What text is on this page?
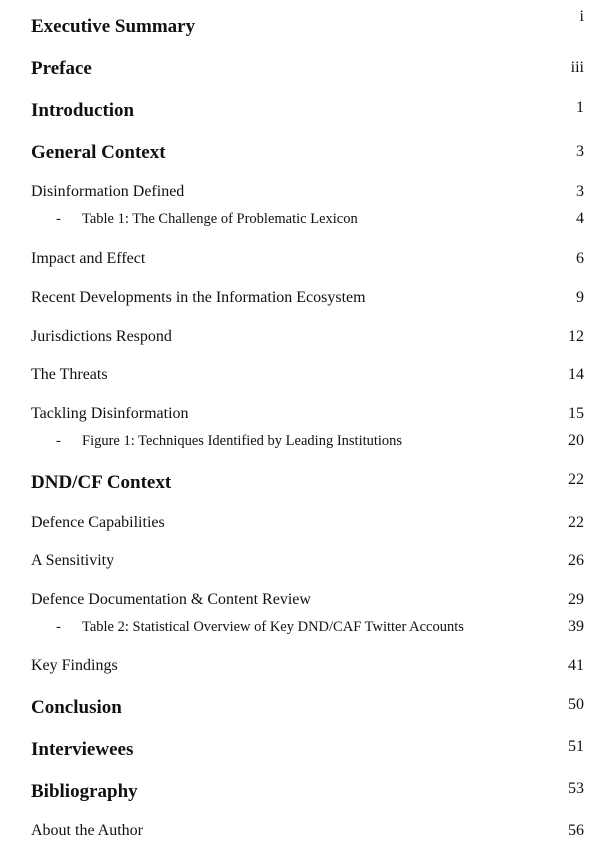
Executive Summary	i
Preface	iii
Introduction	1
General Context	3
Disinformation Defined	3
- Table 1: The Challenge of Problematic Lexicon	4
Impact and Effect	6
Recent Developments in the Information Ecosystem	9
Jurisdictions Respond	12
The Threats	14
Tackling Disinformation	15
- Figure 1: Techniques Identified by Leading Institutions	20
DND/CF Context	22
Defence Capabilities	22
A Sensitivity	26
Defence Documentation & Content Review	29
- Table 2: Statistical Overview of Key DND/CAF Twitter Accounts	39
Key Findings	41
Conclusion	50
Interviewees	51
Bibliography	53
About the Author	56
